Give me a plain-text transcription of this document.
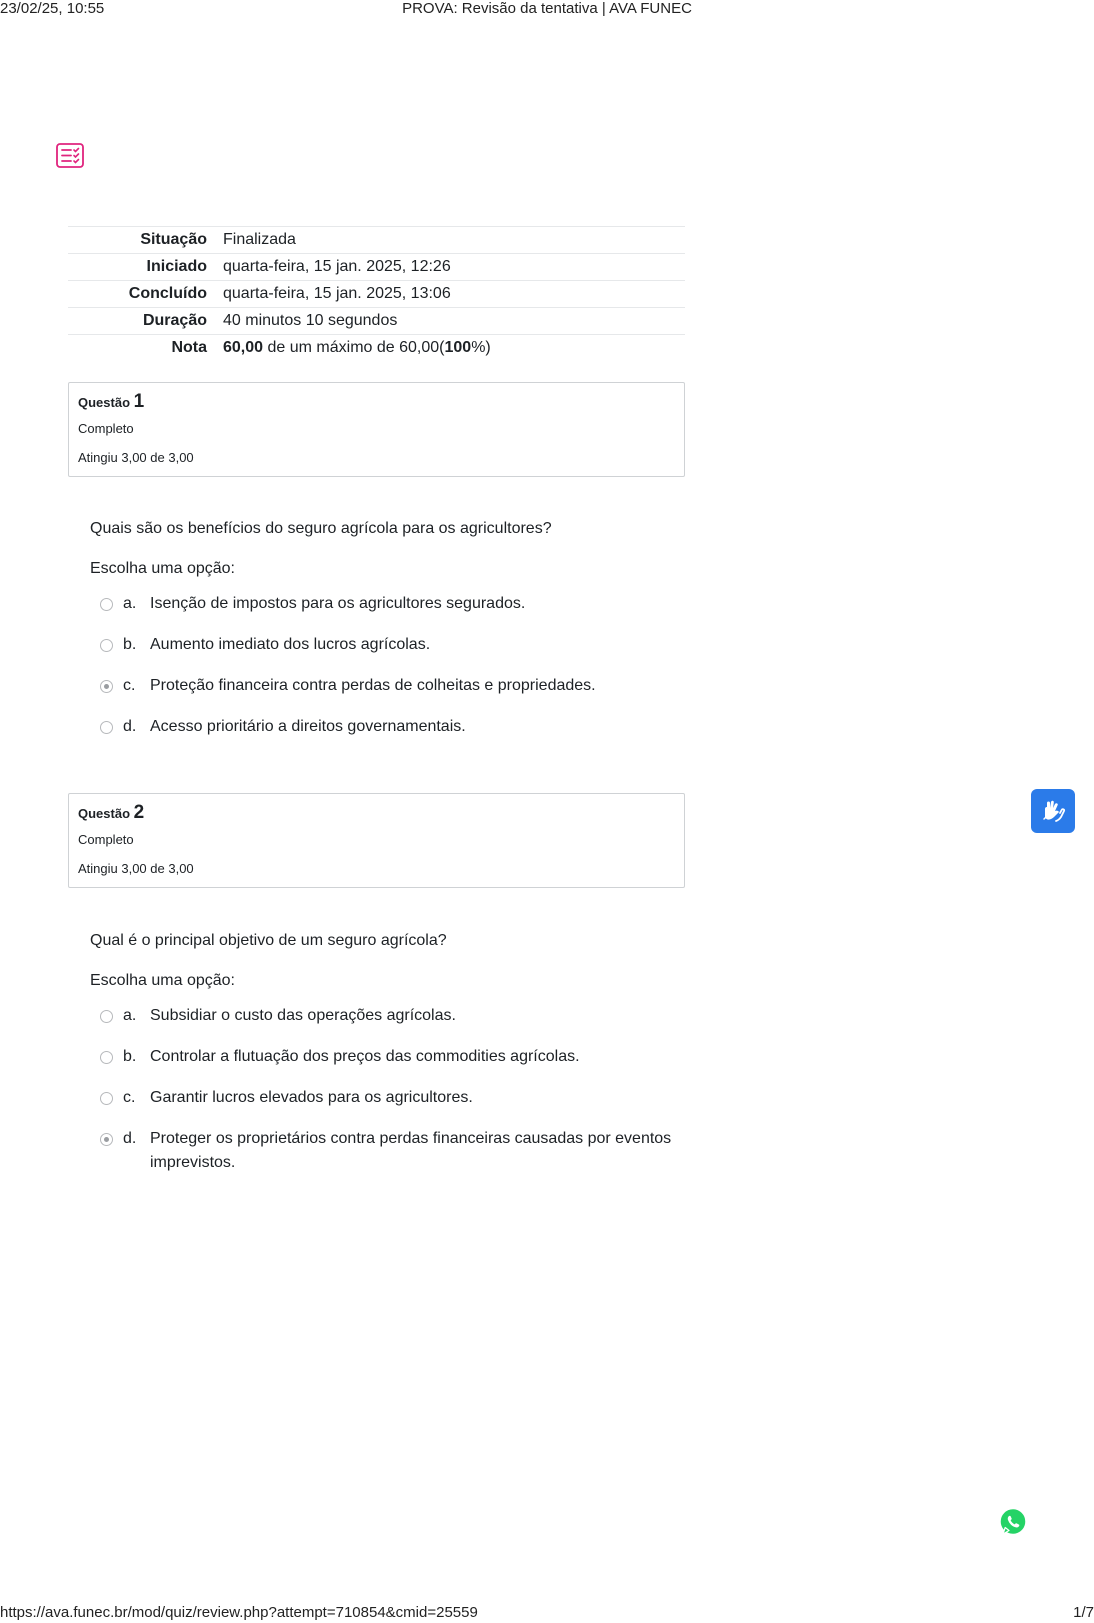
23/02/25, 10:55	PROVA: Revisão da tentativa | AVA FUNEC
Situação	Finalizada
Iniciado	quarta-feira, 15 jan. 2025, 12:26
Concluído	quarta-feira, 15 jan. 2025, 13:06
Duração	40 minutos 10 segundos
Nota	60,00 de um máximo de 60,00(100%)
Questão 1
Completo
Atingiu 3,00 de 3,00
Quais são os benefícios do seguro agrícola para os agricultores?
Escolha uma opção:
a. Isenção de impostos para os agricultores segurados.
b. Aumento imediato dos lucros agrícolas.
c. Proteção financeira contra perdas de colheitas e propriedades.
d. Acesso prioritário a direitos governamentais.
Questão 2
Completo
Atingiu 3,00 de 3,00
Qual é o principal objetivo de um seguro agrícola?
Escolha uma opção:
a. Subsidiar o custo das operações agrícolas.
b. Controlar a flutuação dos preços das commodities agrícolas.
c. Garantir lucros elevados para os agricultores.
d. Proteger os proprietários contra perdas financeiras causadas por eventos imprevistos.
https://ava.funec.br/mod/quiz/review.php?attempt=710854&cmid=25559	1/7
